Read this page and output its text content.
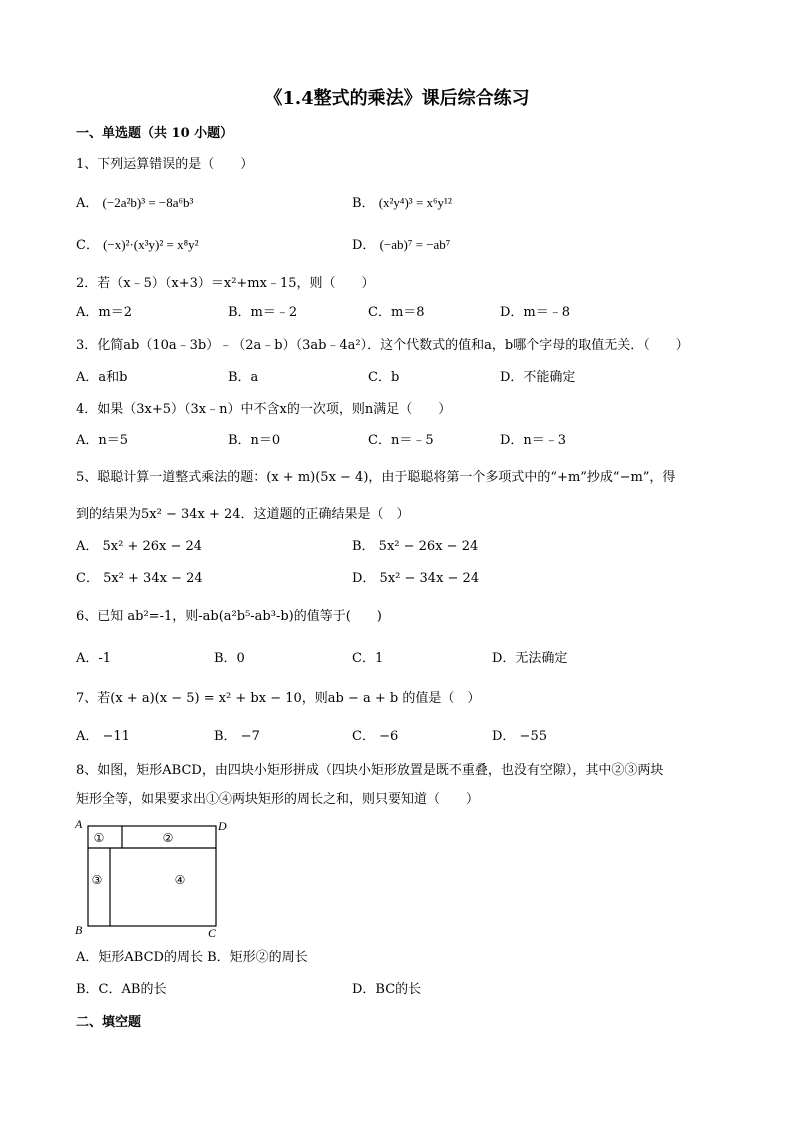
《1.4整式的乘法》课后综合练习
一、单选题（共 10 小题）
1、下列运算错误的是（　　）
A． (−2a²b)³ = −8a⁶b³	B． (x²y⁴)³ = x⁶y¹²
C． (−x)²·(x³y)² = x⁸y²	D． (−ab)⁷ = −ab⁷
2．若（x﹣5）（x+3）＝x²+mx﹣15，则（　　）
A．m＝2	B．m＝﹣2	C．m＝8	D．m＝﹣8
3．化简ab（10a﹣3b）﹣（2a﹣b）（3ab﹣4a²）．这个代数式的值和a，b哪个字母的取值无关．（　　）
A．a和b	B．a	C．b	D．不能确定
4．如果（3x+5）（3x﹣n）中不含x的一次项，则n满足（　　）
A．n＝5	B．n＝0	C．n＝﹣5	D．n＝﹣3
5、聪聪计算一道整式乘法的题：(x + m)(5x − 4)，由于聪聪将第一个多项式中的“+m”抄成“−m”，得
到的结果为5x² − 34x + 24．这道题的正确结果是（　）
A． 5x² + 26x − 24	B． 5x² − 26x − 24
C． 5x² + 34x − 24	D． 5x² − 34x − 24
6、已知 ab²=-1，则-ab(a²b⁵-ab³-b)的值等于(　　)
A．-1	B．0	C．1	D．无法确定
7、若(x + a)(x − 5) = x² + bx − 10，则ab − a + b 的值是（　）
A． −11	B． −7	C． −6	D． −55
8、如图，矩形ABCD，由四块小矩形拼成（四块小矩形放置是既不重叠，也没有空隙），其中②③两块
矩形全等，如果要求出①④两块矩形的周长之和，则只要知道（　　）
A	D
B	C
①	②
③	④
A．矩形ABCD的周长 B．矩形②的周长
B．C．AB的长	D．BC的长
二、填空题
